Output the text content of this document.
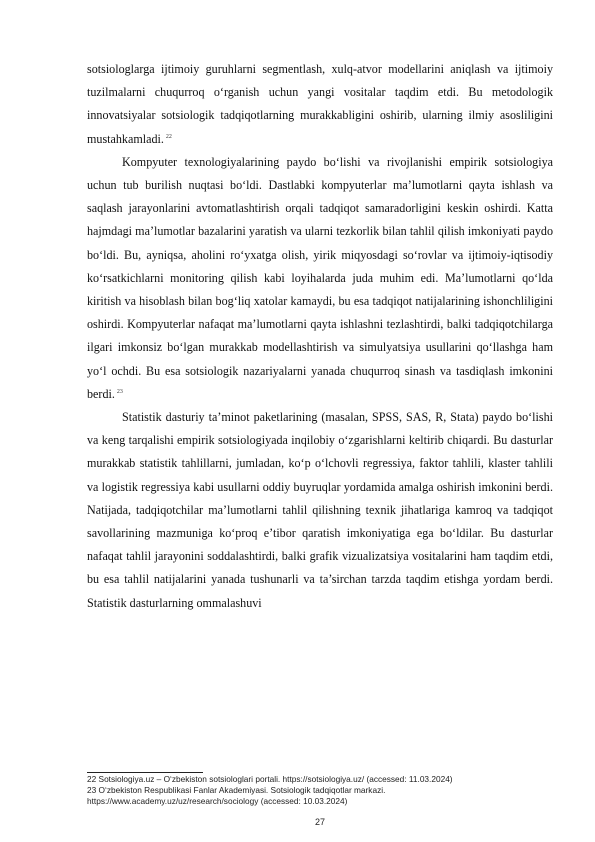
sotsiologlarga ijtimoiy guruhlarni segmentlash, xulq-atvor modellarini aniqlash va ijtimoiy tuzilmalarni chuqurroq o‘rganish uchun yangi vositalar taqdim etdi. Bu metodologik innovatsiyalar sotsiologik tadqiqotlarning murakkabligini oshirib, ularning ilmiy asosliligini mustahkamladi. $^{22}$

Kompyuter texnologiyalarining paydo bo‘lishi va rivojlanishi empirik sotsiologiya uchun tub burilish nuqtasi bo‘ldi. Dastlabki kompyuterlar ma’lumotlarni qayta ishlash va saqlash jarayonlarini avtomatlashtirish orqali tadqiqot samaradorligini keskin oshirdi. Katta hajmdagi ma’lumotlar bazalarini yaratish va ularni tezkorlik bilan tahlil qilish imkoniyati paydo bo‘ldi. Bu, ayniqsa, aholini ro‘yxatga olish, yirik miqyosdagi so‘rovlar va ijtimoiy-iqtisodiy ko‘rsatkichlarni monitoring qilish kabi loyihalarda juda muhim edi. Ma’lumotlarni qo‘lda kiritish va hisoblash bilan bog‘liq xatolar kamaydi, bu esa tadqiqot natijalarining ishonchliligini oshirdi. Kompyuterlar nafaqat ma’lumotlarni qayta ishlashni tezlashtirdi, balki tadqiqotchilarga ilgari imkonsiz bo‘lgan murakkab modellashtirish va simulyatsiya usullarini qo‘llashga ham yo‘l ochdi. Bu esa sotsiologik nazariyalarni yanada chuqurroq sinash va tasdiqlash imkonini berdi. $^{23}$

Statistik dasturiy ta’minot paketlarining (masalan, SPSS, SAS, R, Stata) paydo bo‘lishi va keng tarqalishi empirik sotsiologiyada inqilobiy o‘zgarishlarni keltirib chiqardi. Bu dasturlar murakkab statistik tahlillarni, jumladan, ko‘p o‘lchovli regressiya, faktor tahlili, klaster tahlili va logistik regressiya kabi usullarni oddiy buyruqlar yordamida amalga oshirish imkonini berdi. Natijada, tadqiqotchilar ma’lumotlarni tahlil qilishning texnik jihatlariga kamroq va tadqiqot savollarining mazmuniga ko‘proq e’tibor qaratish imkoniyatiga ega bo‘ldilar. Bu dasturlar nafaqat tahlil jarayonini soddalashtirdi, balki grafik vizualizatsiya vositalarini ham taqdim etdi, bu esa tahlil natijalarini yanada tushunarli va ta’sirchan tarzda taqdim etishga yordam berdi. Statistik dasturlarning ommalashuvi

22 Sotsiologiya.uz – O‘zbekiston sotsiologlari portali. https://sotsiologiya.uz/ (accessed: 11.03.2024)

23 O‘zbekiston Respublikasi Fanlar Akademiyasi. Sotsiologik tadqiqotlar markazi.

https://www.academy.uz/uz/research/sociology (accessed: 10.03.2024)

27
